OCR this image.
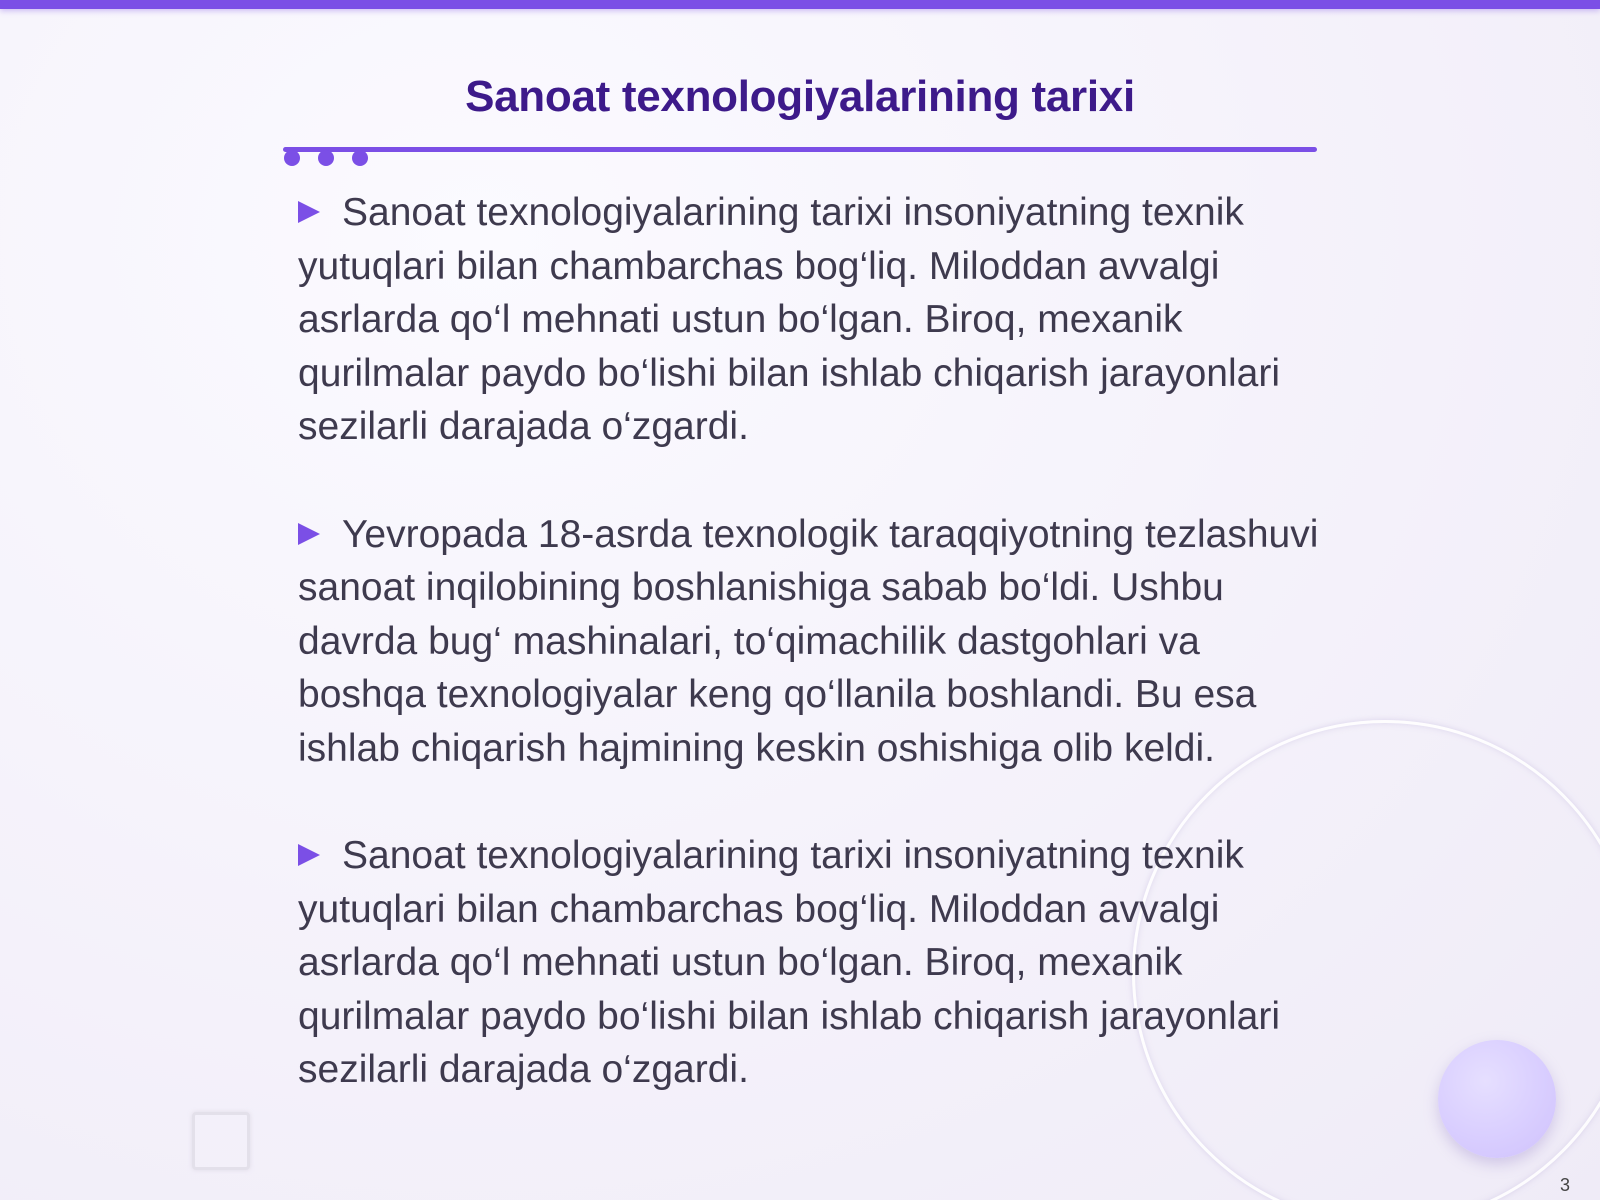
Sanoat texnologiyalarining tarixi

Sanoat texnologiyalarining tarixi insoniyatning texnik yutuqlari bilan chambarchas bog‘liq. Miloddan avvalgi asrlarda qo‘l mehnati ustun bo‘lgan. Biroq, mexanik qurilmalar paydo bo‘lishi bilan ishlab chiqarish jarayonlari sezilarli darajada o‘zgardi.

Yevropada 18-asrda texnologik taraqqiyotning tezlashuvi sanoat inqilobining boshlanishiga sabab bo‘ldi. Ushbu davrda bug‘ mashinalari, to‘qimachilik dastgohlari va boshqa texnologiyalar keng qo‘llanila boshlandi. Bu esa ishlab chiqarish hajmining keskin oshishiga olib keldi.

Sanoat texnologiyalarining tarixi insoniyatning texnik yutuqlari bilan chambarchas bog‘liq. Miloddan avvalgi asrlarda qo‘l mehnati ustun bo‘lgan. Biroq, mexanik qurilmalar paydo bo‘lishi bilan ishlab chiqarish jarayonlari sezilarli darajada o‘zgardi.

3
